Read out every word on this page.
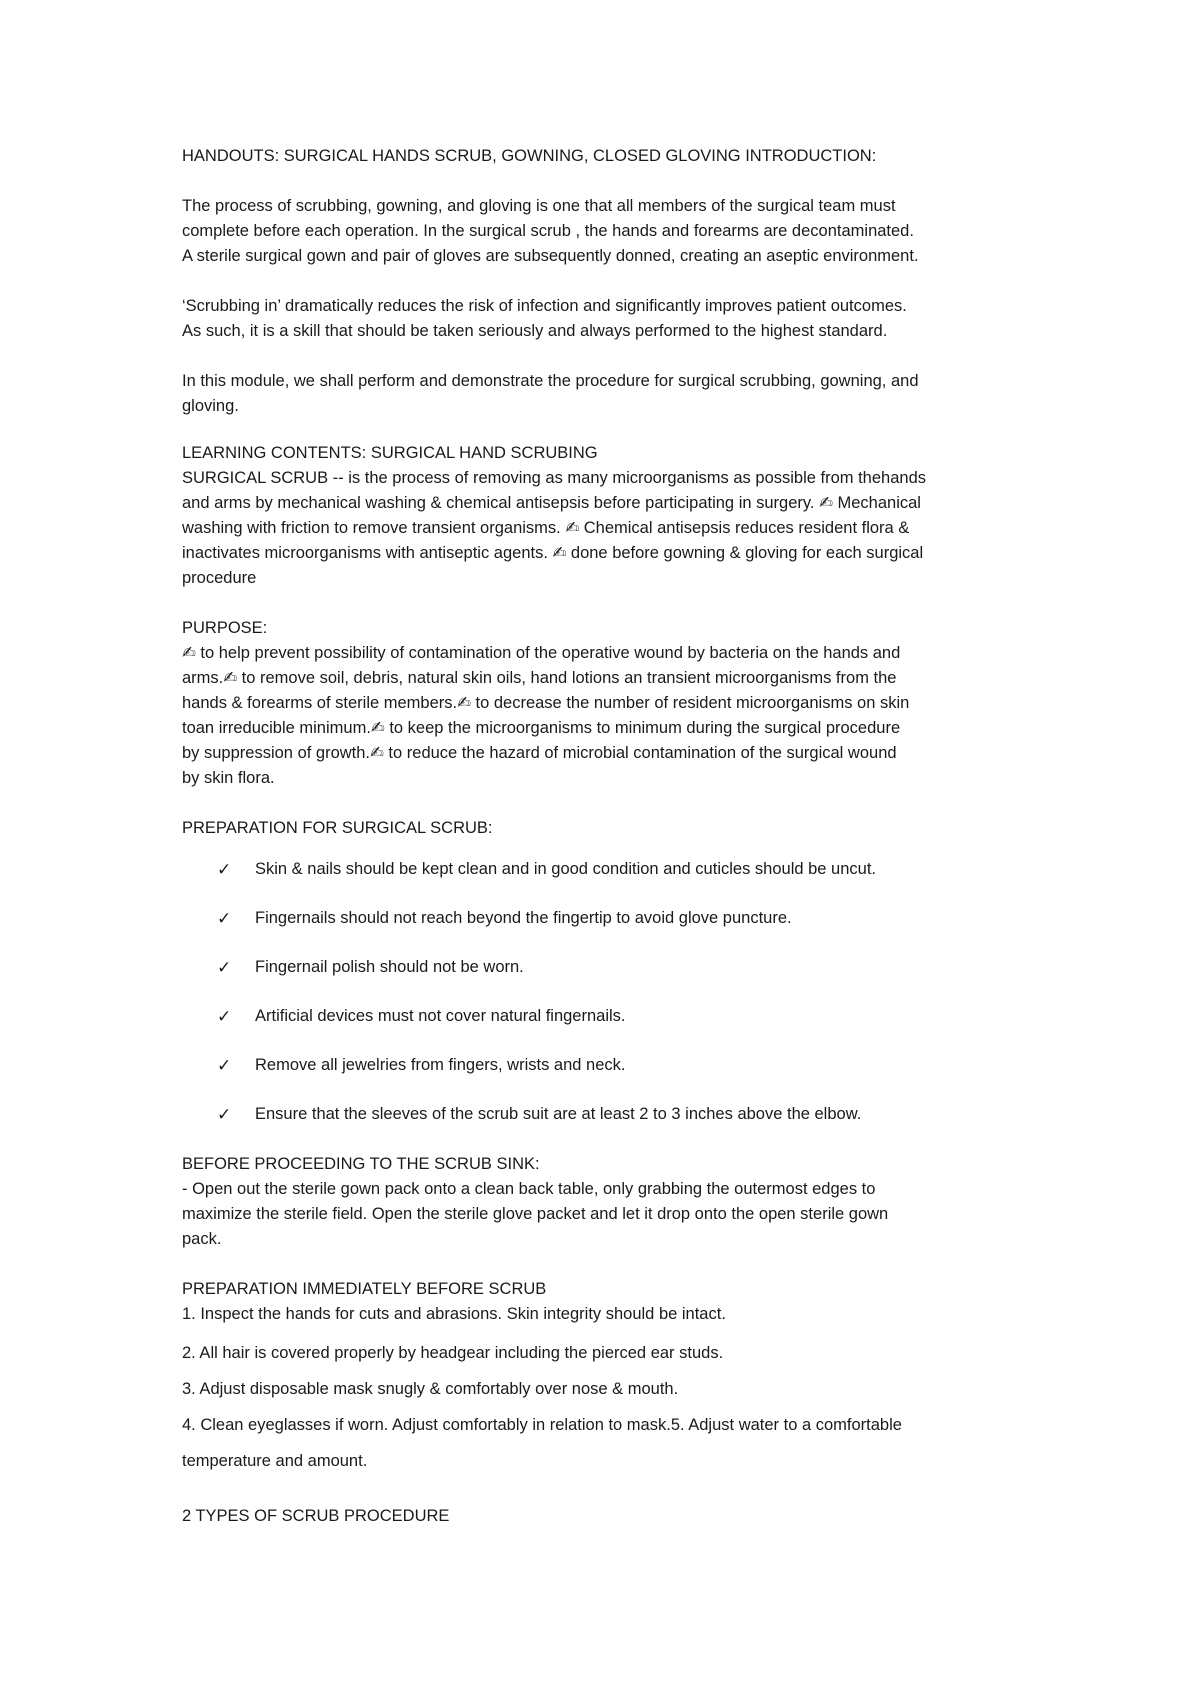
HANDOUTS: SURGICAL HANDS SCRUB, GOWNING, CLOSED GLOVING INTRODUCTION:

The process of scrubbing, gowning, and gloving is one that all members of the surgical team must

complete before each operation. In the surgical scrub , the hands and forearms are decontaminated.

A sterile surgical gown and pair of gloves are subsequently donned, creating an aseptic environment.

‘Scrubbing in’ dramatically reduces the risk of infection and significantly improves patient outcomes.

As such, it is a skill that should be taken seriously and always performed to the highest standard.

In this module, we shall perform and demonstrate the procedure for surgical scrubbing, gowning, and

gloving.

LEARNING CONTENTS: SURGICAL HAND SCRUBING

SURGICAL SCRUB -- is the process of removing as many microorganisms as possible from thehands

and arms by mechanical washing & chemical antisepsis before participating in surgery. ✍ Mechanical

washing with friction to remove transient organisms. ✍ Chemical antisepsis reduces resident flora &

inactivates microorganisms with antiseptic agents. ✍ done before gowning & gloving for each surgical

procedure

PURPOSE:

✍ to help prevent possibility of contamination of the operative wound by bacteria on the hands and

arms.✍ to remove soil, debris, natural skin oils, hand lotions an transient microorganisms from the

hands & forearms of sterile members.✍ to decrease the number of resident microorganisms on skin

toan irreducible minimum.✍ to keep the microorganisms to minimum during the surgical procedure

by suppression of growth.✍ to reduce the hazard of microbial contamination of the surgical wound

by skin flora.

PREPARATION FOR SURGICAL SCRUB:

✓	Skin & nails should be kept clean and in good condition and cuticles should be uncut.
✓	Fingernails should not reach beyond the fingertip to avoid glove puncture.
✓	Fingernail polish should not be worn.
✓	Artificial devices must not cover natural fingernails.
✓	Remove all jewelries from fingers, wrists and neck.
✓	Ensure that the sleeves of the scrub suit are at least 2 to 3 inches above the elbow.

BEFORE PROCEEDING TO THE SCRUB SINK:

- Open out the sterile gown pack onto a clean back table, only grabbing the outermost edges to

maximize the sterile field. Open the sterile glove packet and let it drop onto the open sterile gown

pack.

PREPARATION IMMEDIATELY BEFORE SCRUB

1. Inspect the hands for cuts and abrasions. Skin integrity should be intact.

2. All hair is covered properly by headgear including the pierced ear studs.

3. Adjust disposable mask snugly & comfortably over nose & mouth.

4. Clean eyeglasses if worn. Adjust comfortably in relation to mask.5. Adjust water to a comfortable

temperature and amount.

2 TYPES OF SCRUB PROCEDURE
